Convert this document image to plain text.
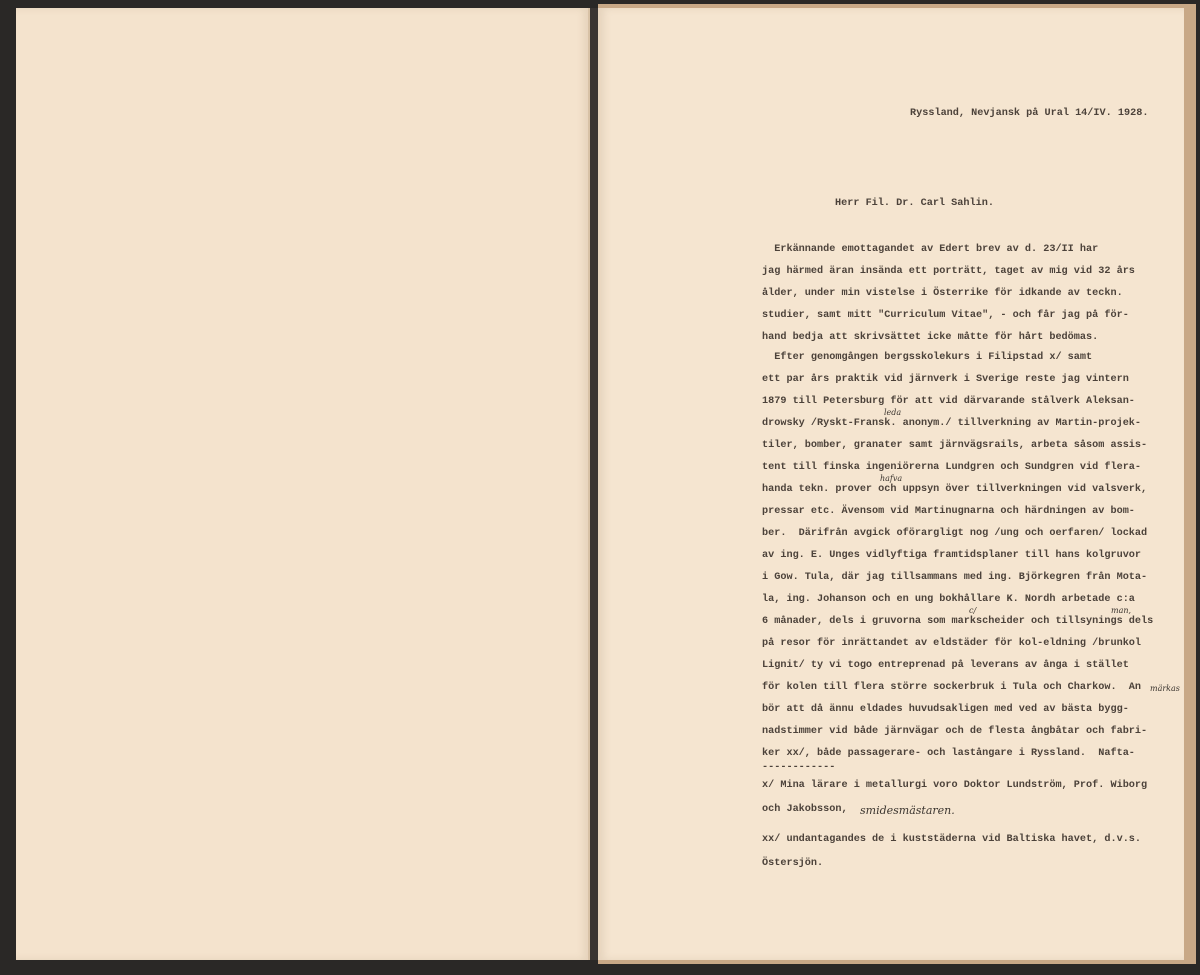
Ryssland, Nevjansk på Ural 14/IV. 1928.
Herr Fil. Dr. Carl Sahlin.
Erkännande emottagandet av Edert brev av d. 23/II har
jag härmed äran insända ett porträtt, taget av mig vid 32 års
ålder, under min vistelse i Österrike för idkande av teckn.
studier, samt mitt "Curriculum Vitae", - och får jag på för-
hand bedja att skrivsättet icke måtte för hårt bedömas.
Efter genomgången bergsskolekurs i Filipstad x/ samt
ett par års praktik vid järnverk i Sverige reste jag vintern
1879 till Petersburg för att vid därvarande stålverk Aleksan-
drowsky /Ryskt-Fransk. anonym./ tillverkning av Martin-projek-
tiler, bomber, granater samt järnvägsrails, arbeta såsom assis-
tent till finska ingeniörerna Lundgren och Sundgren vid flera-
handa tekn. prover och uppsyn över tillverkningen vid valsverk,
pressar etc. Ävensom vid Martinugnarna och härdningen av bom-
ber.  Därifrån avgick oförargligt nog /ung och oerfaren/ lockad
av ing. E. Unges vidlyftiga framtidsplaner till hans kolgruvor
i Gow. Tula, där jag tillsammans med ing. Björkegren från Mota-
la, ing. Johanson och en ung bokhållare K. Nordh arbetade c:a
6 månader, dels i gruvorna som markscheider och tillsynings dels
på resor för inrättandet av eldstäder för kol-eldning /brunkol
Lignit/ ty vi togo entreprenad på leverans av ånga i stället
för kolen till flera större sockerbruk i Tula och Charkow.  An
bör att då ännu eldades huvudsakligen med ved av bästa bygg-
nadstimmer vid både järnvägar och de flesta ångbåtar och fabri-
ker xx/, både passagerare- och lastångare i Ryssland.  Nafta-
------------
x/ Mina lärare i metallurgi voro Doktor Lundström, Prof. Wiborg
och Jakobsson,
xx/ undantagandes de i kuststäderna vid Baltiska havet, d.v.s.
Östersjön.
leda
hafva
c/	man,
märkas
smidesmästaren.
